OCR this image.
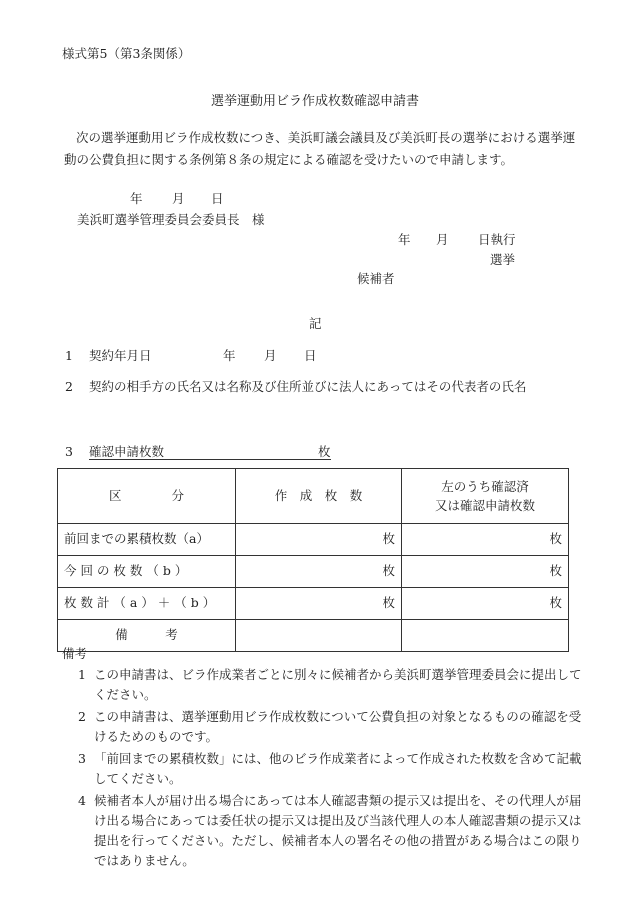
様式第5（第3条関係）
選挙運動用ビラ作成枚数確認申請書
次の選挙運動用ビラ作成枚数につき、美浜町議会議員及び美浜町長の選挙における選挙運動の公費負担に関する条例第８条の規定による確認を受けたいので申請します。
年 月 日
美浜町選挙管理委員会委員長　様
年 月 日執行
選挙
候補者
記
1 契約年月日	年 月 日
2 契約の相手方の氏名又は名称及び住所並びに法人にあってはその代表者の氏名
3 確認申請枚数	枚
区　　　　分	作　成　枚　数	左のうち確認済
又は確認申請枚数

前回までの累積枚数（a）	枚	枚
今 回 の 枚 数 （ b ）	枚	枚
枚 数 計 （ a ） ＋ （ b ）	枚	枚
備　　　考		
備考
1 この申請書は、ビラ作成業者ごとに別々に候補者から美浜町選挙管理委員会に提出してください。
2 この申請書は、選挙運動用ビラ作成枚数について公費負担の対象となるものの確認を受けるためのものです。
3 「前回までの累積枚数」には、他のビラ作成業者によって作成された枚数を含めて記載してください。
4 候補者本人が届け出る場合にあっては本人確認書類の提示又は提出を、その代理人が届け出る場合にあっては委任状の提示又は提出及び当該代理人の本人確認書類の提示又は提出を行ってください。ただし、候補者本人の署名その他の措置がある場合はこの限りではありません。
